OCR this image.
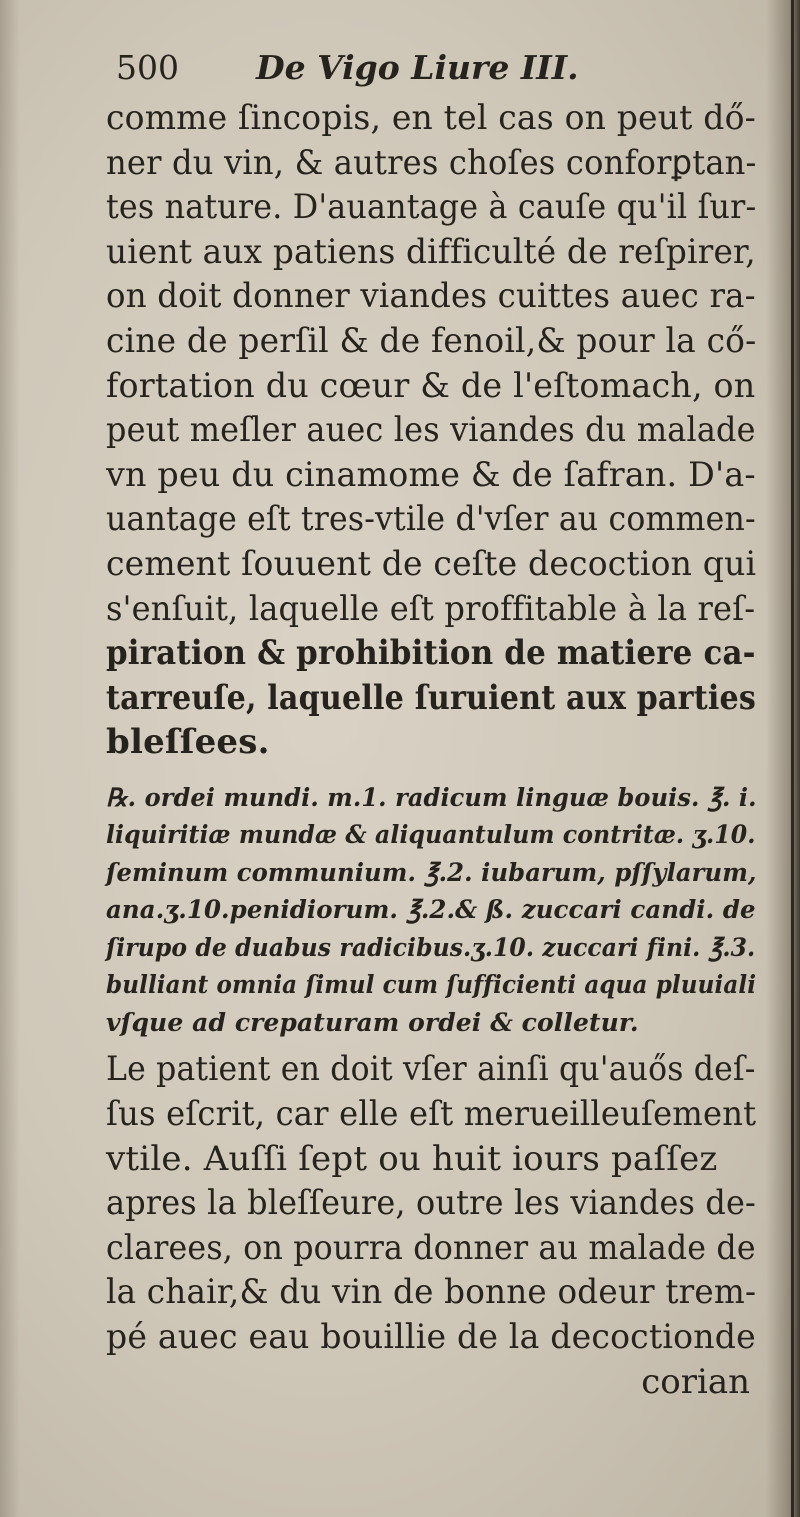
500 De Vigo Liure III.
comme ſincopis, en tel cas on peut dő-
ner du vin, & autres choſes conforꝑtan-
tes nature. D'auantage à cauſe qu'il ſur-
uient aux patiens difficulté de reſpirer,
on doit donner viandes cuittes auec ra-
cine de perſil & de fenoil,& pour la cő-
fortation du cœur & de l'eſtomach, on
peut meſler auec les viandes du malade
vn peu du cinamome & de ſafran. D'a-
uantage eſt tres-vtile d'vſer au commen-
cement ſouuent de ceſte decoction qui
s'enſuit, laquelle eſt proffitable à la reſ-
piration & prohibition de matiere ca-
tarreuſe, laquelle ſuruient aux parties
bleſſees.
℞. ordei mundi. m.1. radicum linguæ bouis. ℥. i.
liquiritiæ mundæ & aliquantulum contritæ. ʒ.10.
ſeminum communium. ℥.2. iubarum, pſſylarum,
ana.ʒ.10.penidiorum. ℥.2.& ß. zuccari candi. de
ſirupo de duabus radicibus.ʒ.10. zuccari fini. ℥.3.
bulliant omnia ſimul cum ſufficienti aqua pluuiali
vſque ad crepaturam ordei & colletur.
Le patient en doit vſer ainſi qu'auős deſ-
ſus eſcrit, car elle eſt merueilleuſement
vtile. Auſſi ſept ou huit iours paſſez
apres la bleſſeure, outre les viandes de-
clarees, on pourra donner au malade de
la chair,& du vin de bonne odeur trem-
pé auec eau bouillie de la decoctionde
corian
